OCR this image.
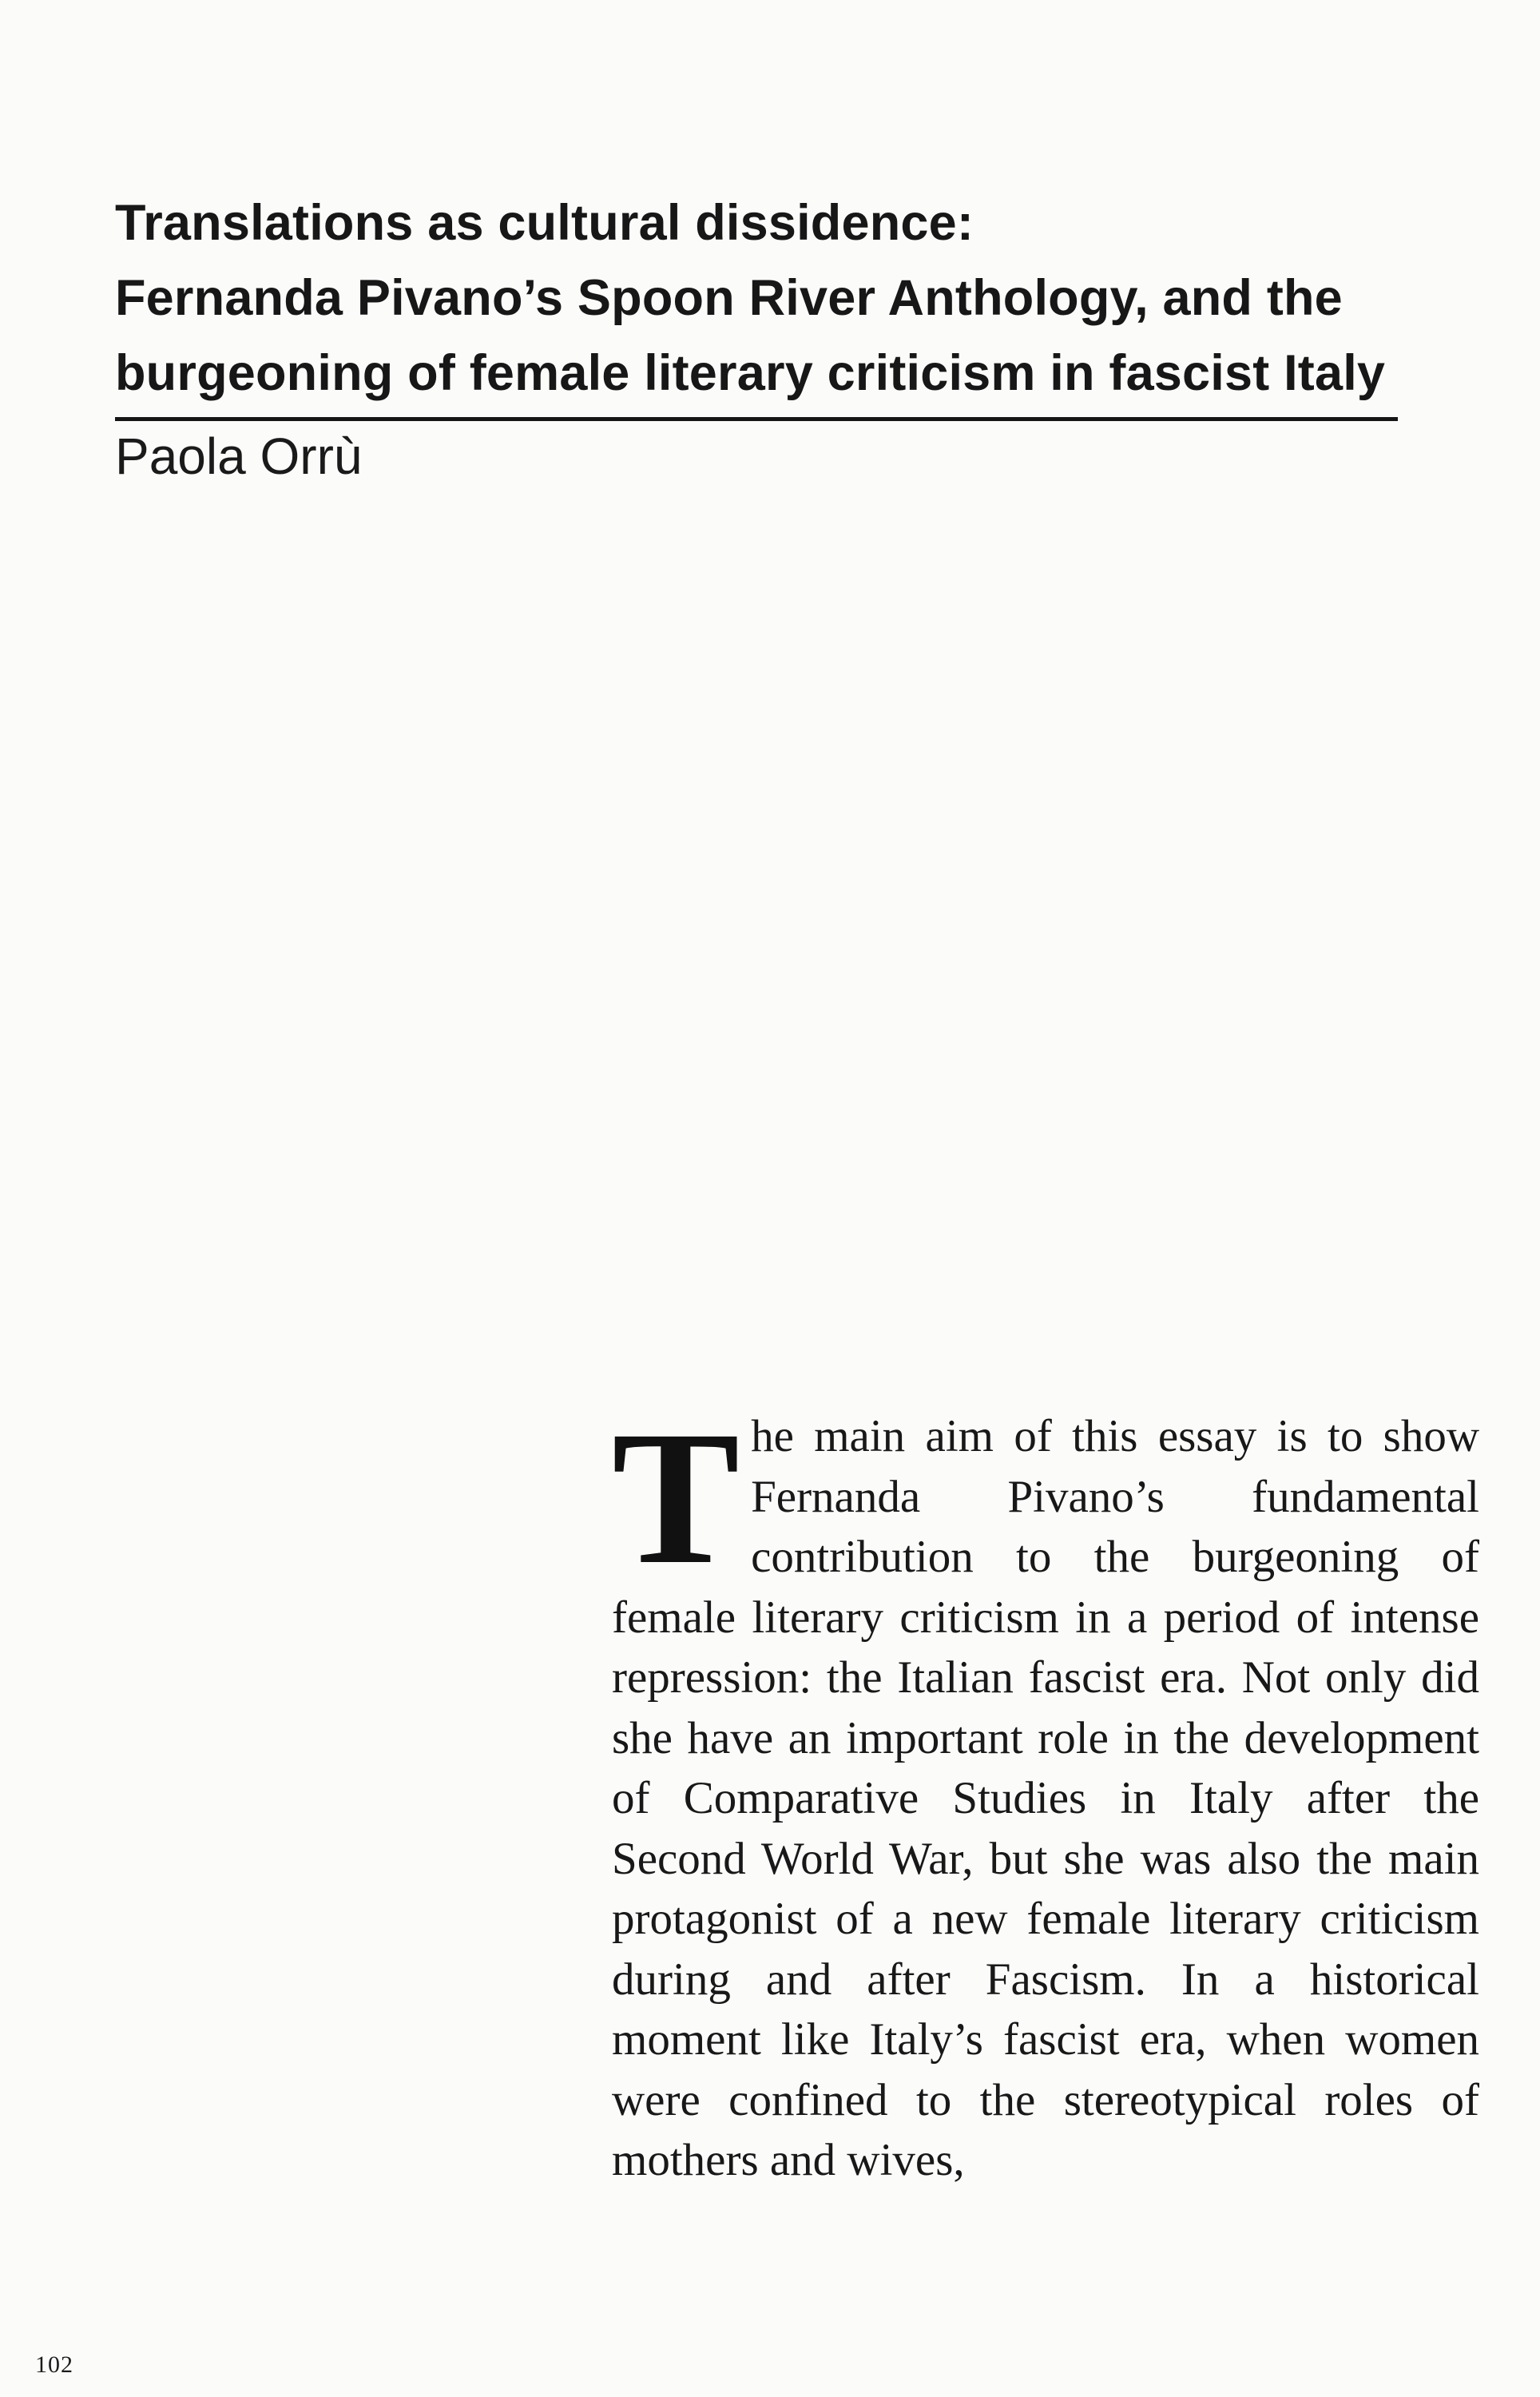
Translations as cultural dissidence:
Fernanda Pivano’s Spoon River Anthology, and the
burgeoning of female literary criticism in fascist Italy
Paola Orrù

The main aim of this essay is to show Fernanda Pivano’s fundamental contribution to the burgeoning of female literary criticism in a period of intense repression: the Italian fascist era. Not only did she have an important role in the development of Comparative Studies in Italy after the Second World War, but she was also the main protagonist of a new female literary criticism during and after Fascism. In a historical moment like Italy’s fascist era, when women were confined to the stereotypical roles of mothers and wives,

102
